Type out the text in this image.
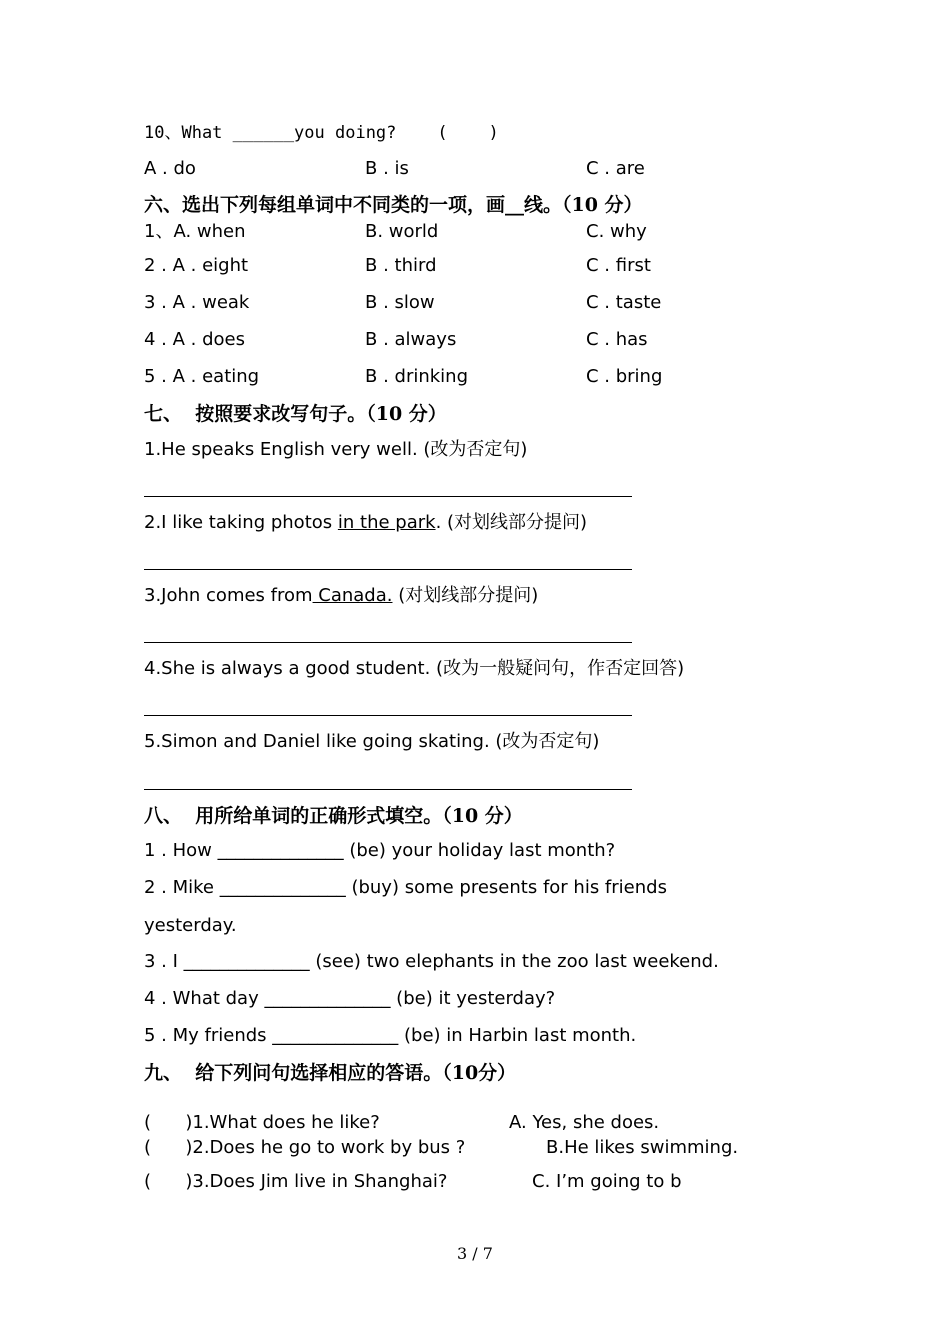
10、What ______you doing?    (    )
A . do	B . is	C . are
六、选出下列每组单词中不同类的一项，画__线。（10 分）
1、A. when	B. world	C. why
2 . A . eight	B . third	C . first
3 . A . weak	B . slow	C . taste
4 . A . does	B . always	C . has
5 . A . eating	B . drinking	C . bring
七、  按照要求改写句子。（10 分）
1.He speaks English very well. (改为否定句)
2.I like taking photos in the park. (对划线部分提问)
3.John comes from Canada. (对划线部分提问)
4.She is always a good student. (改为一般疑问句，作否定回答)
5.Simon and Daniel like going skating. (改为否定句)
八、  用所给单词的正确形式填空。（10 分）
1 . How ______________ (be) your holiday last month?
2 . Mike ______________ (buy) some presents for his friends
yesterday.
3 . I ______________ (see) two elephants in the zoo last weekend.
4 . What day ______________ (be) it yesterday?
5 . My friends ______________ (be) in Harbin last month.
九、  给下列问句选择相应的答语。（10分）
(      )1.What does he like?	A. Yes, she does.
(      )2.Does he go to work by bus ?	B.He likes swimming.
(      )3.Does Jim live in Shanghai?	C. I’m going to b
3 / 7
